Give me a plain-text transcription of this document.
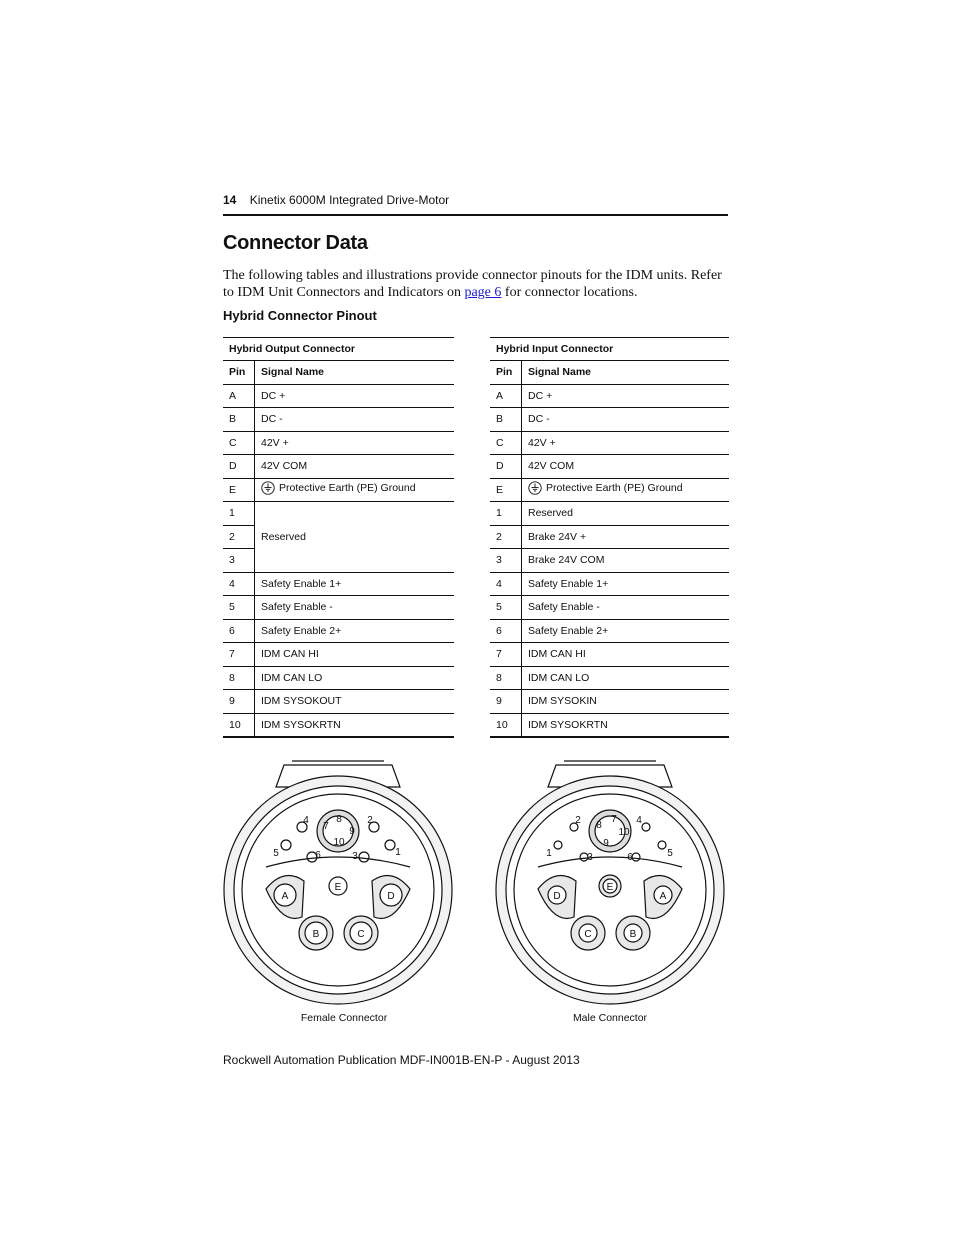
14 Kinetix 6000M Integrated Drive-Motor
Connector Data

The following tables and illustrations provide connector pinouts for the IDM units. Refer to IDM Unit Connectors and Indicators on page 6 for connector locations.

Hybrid Connector Pinout
Hybrid Output Connector	
Pin	Signal Name
A	DC +
B	DC -
C	42V +
D	42V COM
E	Protective Earth (PE) Ground

1	Reserved
2	
3	
4	Safety Enable 1+
5	Safety Enable -
6	Safety Enable 2+
7	IDM CAN HI
8	IDM CAN LO
9	IDM SYSOKOUT
10	IDM SYSOKRTN
Hybrid Input Connector	
Pin	Signal Name
A	DC +
B	DC -
C	42V +
D	42V COM
E	Protective Earth (PE) Ground

1	Reserved
2	Brake 24V +
3	Brake 24V COM
4	Safety Enable 1+
5	Safety Enable -
6	Safety Enable 2+
7	IDM CAN HI
8	IDM CAN LO
9	IDM SYSOKIN
10	IDM SYSOKRTN
A
B	C
D
E
1
2
3
4
5	6
7
8
9
10
Female Connector
A
B
C
D
E
1
2
3
4
5
6
7
8
9
10
Male Connector
Rockwell Automation Publication MDF-IN001B-EN-P - August 2013
